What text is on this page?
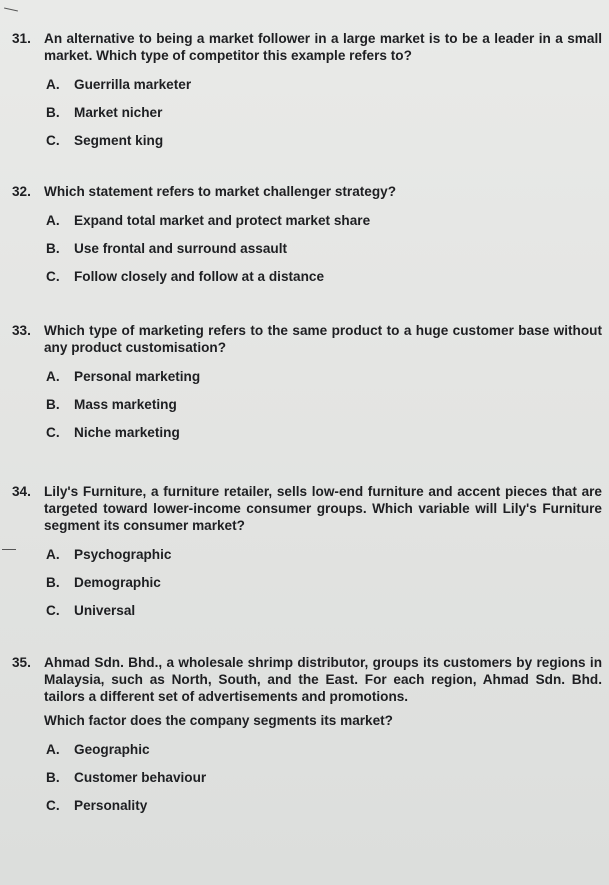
31. An alternative to being a market follower in a large market is to be a leader in a small market. Which type of competitor this example refers to?
A.	Guerrilla marketer
B.	Market nicher
C.	Segment king
32. Which statement refers to market challenger strategy?
A.	Expand total market and protect market share
B.	Use frontal and surround assault
C.	Follow closely and follow at a distance
33. Which type of marketing refers to the same product to a huge customer base without any product customisation?
A.	Personal marketing
B.	Mass marketing
C.	Niche marketing
34. Lily's Furniture, a furniture retailer, sells low-end furniture and accent pieces that are targeted toward lower-income consumer groups. Which variable will Lily's Furniture segment its consumer market?
A.	Psychographic
B.	Demographic
C.	Universal
35. Ahmad Sdn. Bhd., a wholesale shrimp distributor, groups its customers by regions in Malaysia, such as North, South, and the East. For each region, Ahmad Sdn. Bhd. tailors a different set of advertisements and promotions.
Which factor does the company segments its market?
A.	Geographic
B.	Customer behaviour
C.	Personality
